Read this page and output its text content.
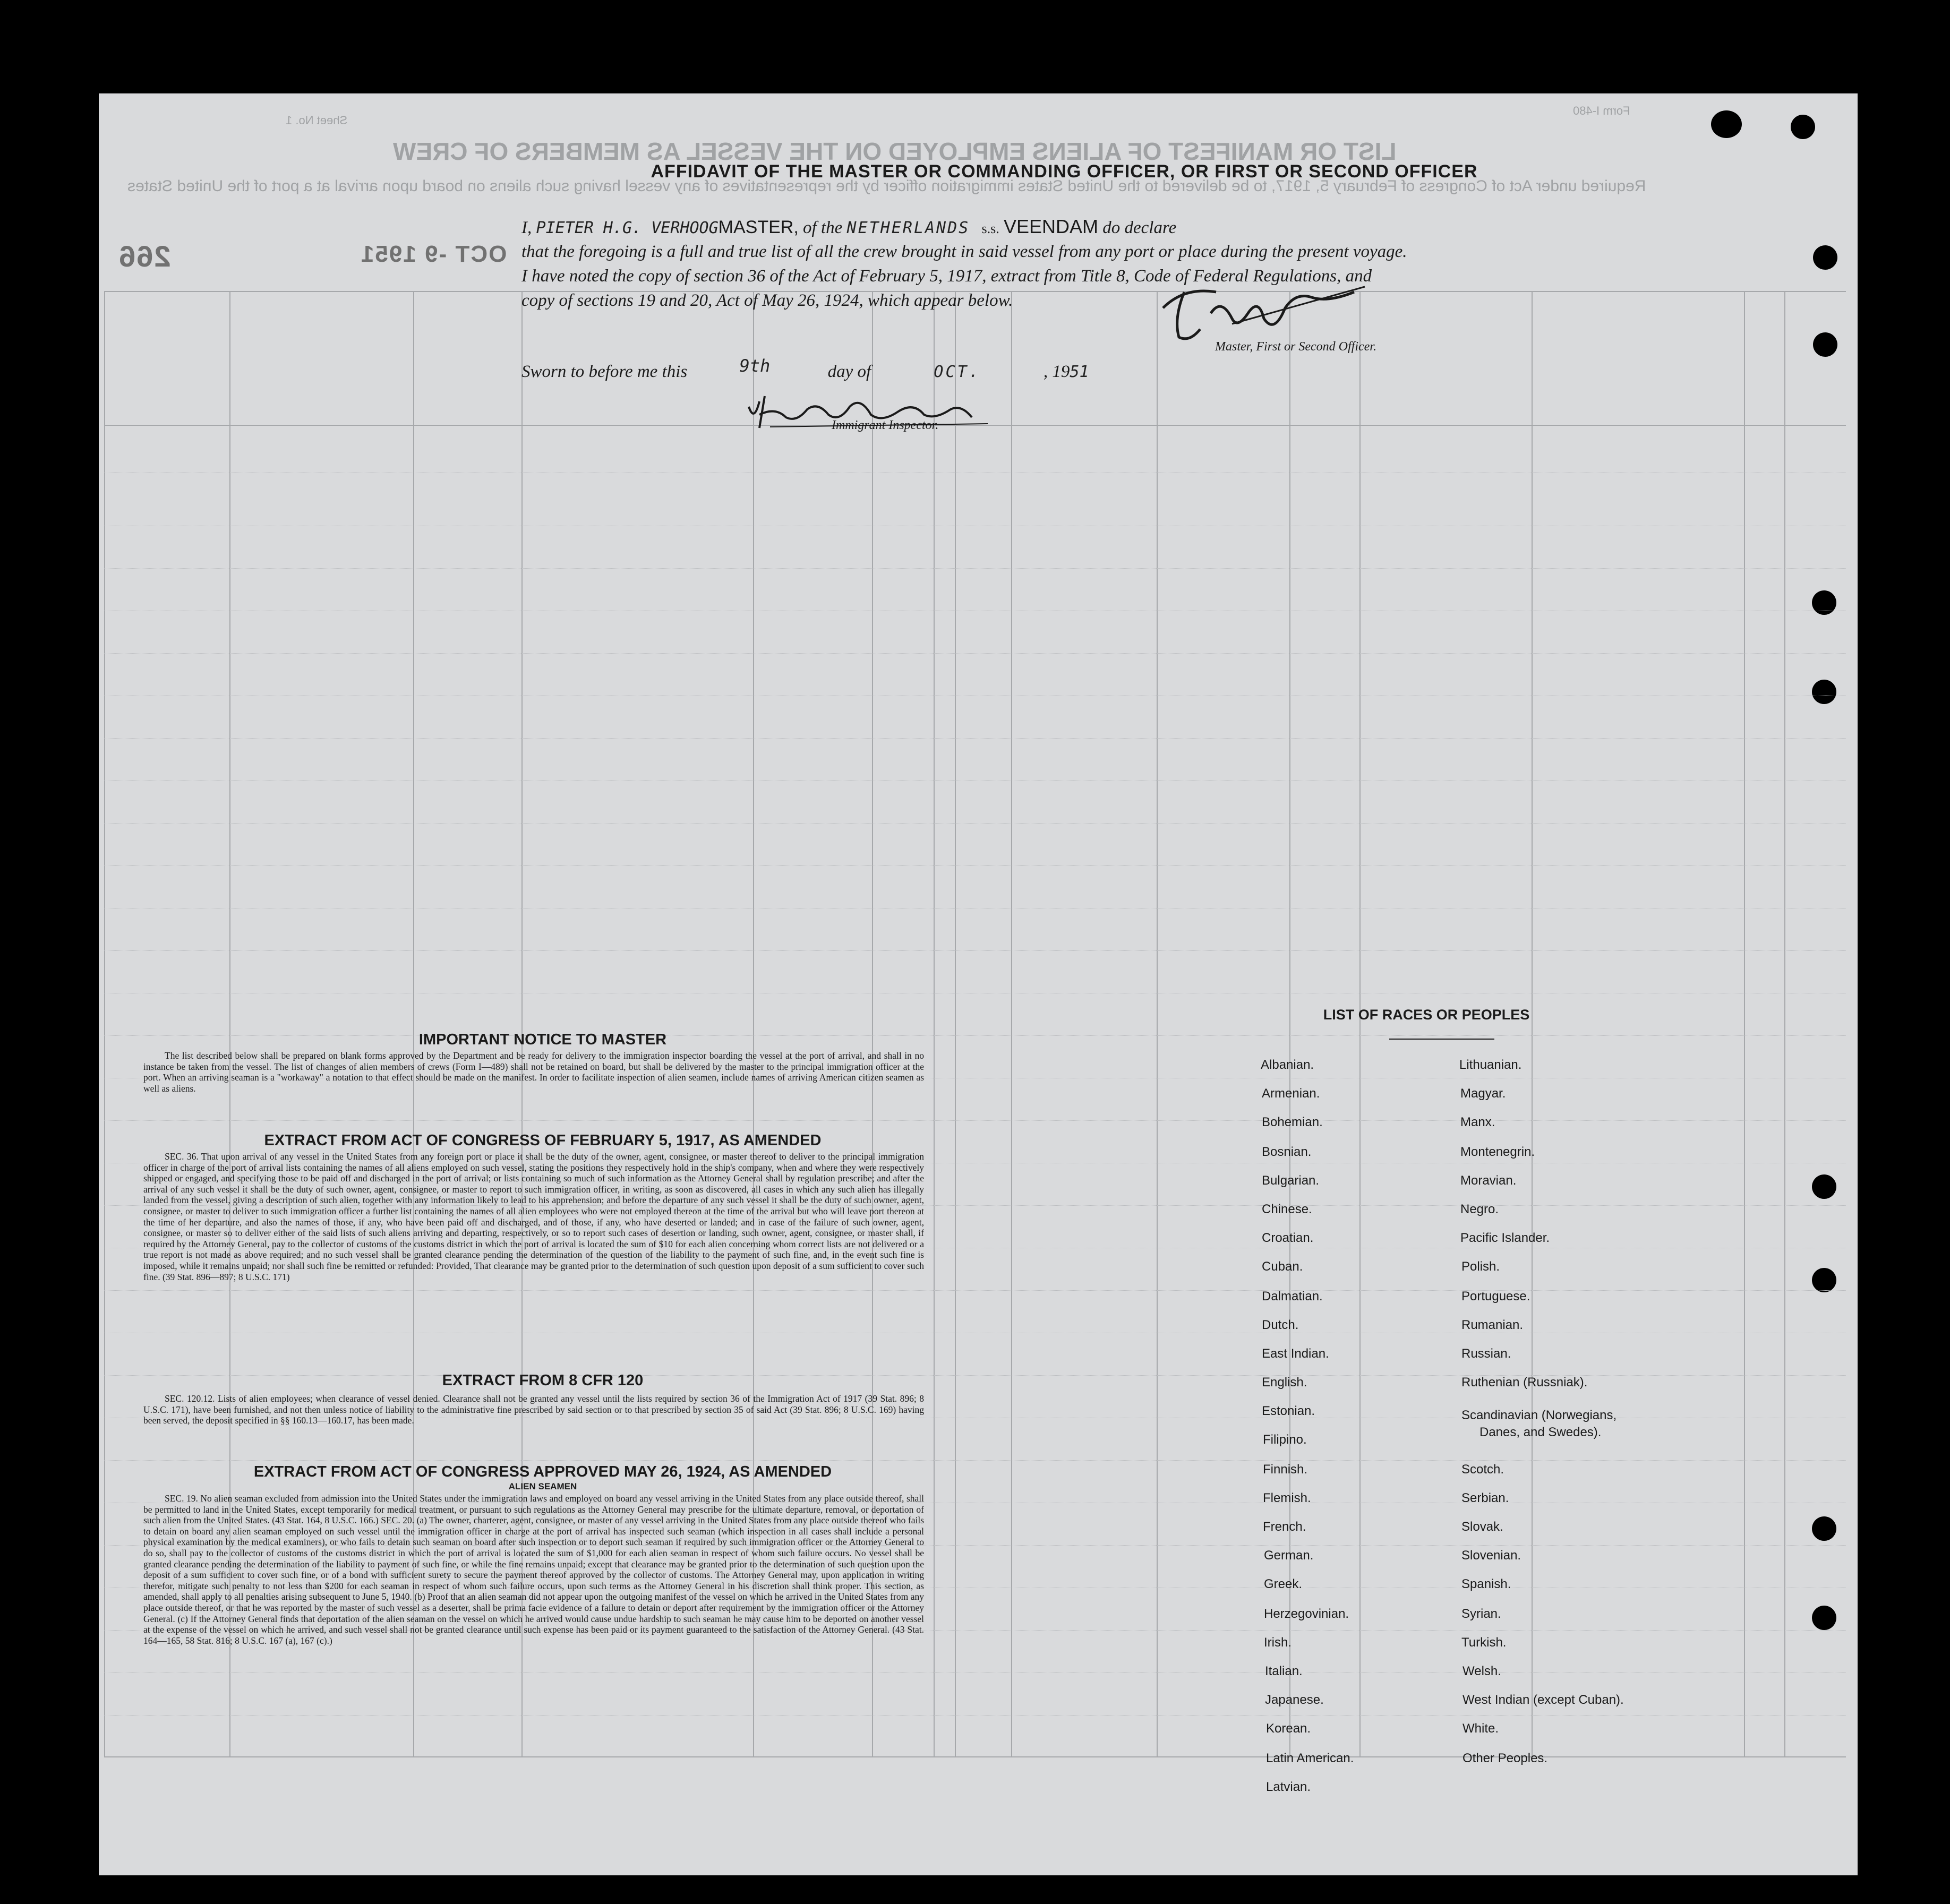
LIST OR MANIFEST OF ALIENS EMPLOYED ON THE VESSEL AS MEMBERS OF CREW
Required under Act of Congress of February 5, 1917, to be delivered to the United States immigration officer by the representatives of any vessel having such aliens on board upon arrival at a port of the United States
Form I-480
Sheet No. 1
OCT -9 1951
266
AFFIDAVIT OF THE MASTER OR COMMANDING OFFICER, OR FIRST OR SECOND OFFICER
I, PIETER H.G. VERHOOGMASTER, of the NETHERLANDS s.s. VEENDAM do declare
that the foregoing is a full and true list of all the crew brought in said vessel from any port or place during the present voyage.
I have noted the copy of section 36 of the Act of February 5, 1917, extract from Title 8, Code of Federal Regulations, and
copy of sections 19 and 20, Act of May 26, 1924, which appear below.
Master, First or Second Officer.
Sworn to before me this	9th	day of	OCT.	, 1951
Immigrant Inspector.
IMPORTANT NOTICE TO MASTER
The list described below shall be prepared on blank forms approved by the Department and be ready for delivery to the immigration inspector boarding the vessel at the port of arrival, and shall in no instance be taken from the vessel. The list of changes of alien members of crews (Form I—489) shall not be retained on board, but shall be delivered by the master to the principal immigration officer at the port. When an arriving seaman is a "workaway" a notation to that effect should be made on the manifest. In order to facilitate inspection of alien seamen, include names of arriving American citizen seamen as well as aliens.
EXTRACT FROM ACT OF CONGRESS OF FEBRUARY 5, 1917, AS AMENDED
SEC. 36. That upon arrival of any vessel in the United States from any foreign port or place it shall be the duty of the owner, agent, consignee, or master thereof to deliver to the principal immigration officer in charge of the port of arrival lists containing the names of all aliens employed on such vessel, stating the positions they respectively hold in the ship's company, when and where they were respectively shipped or engaged, and specifying those to be paid off and discharged in the port of arrival; or lists containing so much of such information as the Attorney General shall by regulation prescribe; and after the arrival of any such vessel it shall be the duty of such owner, agent, consignee, or master to report to such immigration officer, in writing, as soon as discovered, all cases in which any such alien has illegally landed from the vessel, giving a description of such alien, together with any information likely to lead to his apprehension; and before the departure of any such vessel it shall be the duty of such owner, agent, consignee, or master to deliver to such immigration officer a further list containing the names of all alien employees who were not employed thereon at the time of the arrival but who will leave port thereon at the time of her departure, and also the names of those, if any, who have been paid off and discharged, and of those, if any, who have deserted or landed; and in case of the failure of such owner, agent, consignee, or master so to deliver either of the said lists of such aliens arriving and departing, respectively, or so to report such cases of desertion or landing, such owner, agent, consignee, or master shall, if required by the Attorney General, pay to the collector of customs of the customs district in which the port of arrival is located the sum of $10 for each alien concerning whom correct lists are not delivered or a true report is not made as above required; and no such vessel shall be granted clearance pending the determination of the question of the liability to the payment of such fine, and, in the event such fine is imposed, while it remains unpaid; nor shall such fine be remitted or refunded: Provided, That clearance may be granted prior to the determination of such question upon deposit of a sum sufficient to cover such fine. (39 Stat. 896—897; 8 U.S.C. 171)
EXTRACT FROM 8 CFR 120
SEC. 120.12. Lists of alien employees; when clearance of vessel denied. Clearance shall not be granted any vessel until the lists required by section 36 of the Immigration Act of 1917 (39 Stat. 896; 8 U.S.C. 171), have been furnished, and not then unless notice of liability to the administrative fine prescribed by said section or to that prescribed by section 35 of said Act (39 Stat. 896; 8 U.S.C. 169) having been served, the deposit specified in §§ 160.13—160.17, has been made.
EXTRACT FROM ACT OF CONGRESS APPROVED MAY 26, 1924, AS AMENDED
ALIEN SEAMEN
SEC. 19. No alien seaman excluded from admission into the United States under the immigration laws and employed on board any vessel arriving in the United States from any place outside thereof, shall be permitted to land in the United States, except temporarily for medical treatment, or pursuant to such regulations as the Attorney General may prescribe for the ultimate departure, removal, or deportation of such alien from the United States. (43 Stat. 164, 8 U.S.C. 166.) SEC. 20. (a) The owner, charterer, agent, consignee, or master of any vessel arriving in the United States from any place outside thereof who fails to detain on board any alien seaman employed on such vessel until the immigration officer in charge at the port of arrival has inspected such seaman (which inspection in all cases shall include a personal physical examination by the medical examiners), or who fails to detain such seaman on board after such inspection or to deport such seaman if required by such immigration officer or the Attorney General to do so, shall pay to the collector of customs of the customs district in which the port of arrival is located the sum of $1,000 for each alien seaman in respect of whom such failure occurs. No vessel shall be granted clearance pending the determination of the liability to payment of such fine, or while the fine remains unpaid; except that clearance may be granted prior to the determination of such question upon the deposit of a sum sufficient to cover such fine, or of a bond with sufficient surety to secure the payment thereof approved by the collector of customs. The Attorney General may, upon application in writing therefor, mitigate such penalty to not less than $200 for each seaman in respect of whom such failure occurs, upon such terms as the Attorney General in his discretion shall think proper. This section, as amended, shall apply to all penalties arising subsequent to June 5, 1940. (b) Proof that an alien seaman did not appear upon the outgoing manifest of the vessel on which he arrived in the United States from any place outside thereof, or that he was reported by the master of such vessel as a deserter, shall be prima facie evidence of a failure to detain or deport after requirement by the immigration officer or the Attorney General. (c) If the Attorney General finds that deportation of the alien seaman on the vessel on which he arrived would cause undue hardship to such seaman he may cause him to be deported on another vessel at the expense of the vessel on which he arrived, and such vessel shall not be granted clearance until such expense has been paid or its payment guaranteed to the satisfaction of the Attorney General. (43 Stat. 164—165, 58 Stat. 816; 8 U.S.C. 167 (a), 167 (c).)
LIST OF RACES OR PEOPLES
Albanian.
Armenian.
Bohemian.
Bosnian.
Bulgarian.
Chinese.
Croatian.
Cuban.
Dalmatian.
Dutch.
East Indian.
English.
Estonian.
Filipino.
Finnish.
Flemish.
French.
German.
Greek.
Herzegovinian.
Irish.
Italian.
Japanese.
Korean.
Latin American.
Latvian.
Lithuanian.
Magyar.
Manx.
Montenegrin.
Moravian.
Negro.
Pacific Islander.
Polish.
Portuguese.
Rumanian.
Russian.
Ruthenian (Russniak).
Scandinavian (Norwegians,
Danes, and Swedes).
Scotch.
Serbian.
Slovak.
Slovenian.
Spanish.
Syrian.
Turkish.
Welsh.
West Indian (except Cuban).
White.
Other Peoples.
